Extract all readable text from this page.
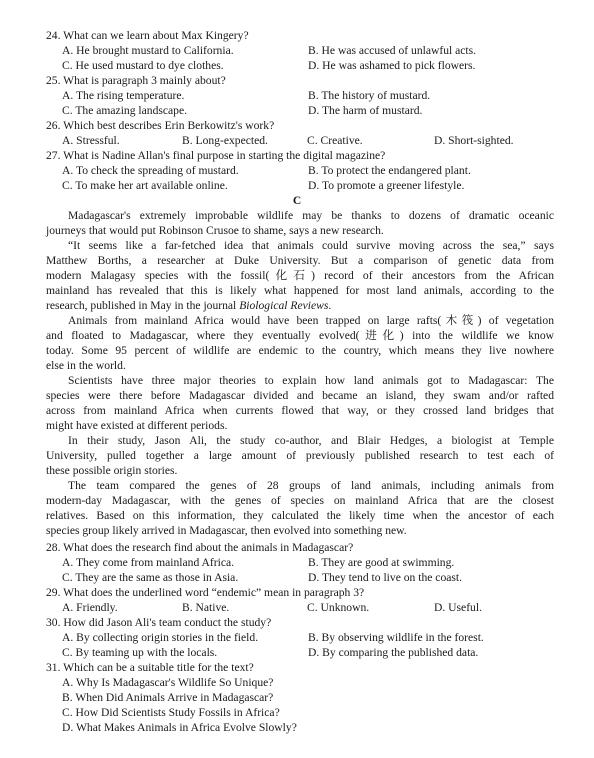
24. What can we learn about Max Kingery?
A. He brought mustard to California.	B. He was accused of unlawful acts.
C. He used mustard to dye clothes.	D. He was ashamed to pick flowers.
25. What is paragraph 3 mainly about?
A. The rising temperature.	B. The history of mustard.
C. The amazing landscape.	D. The harm of mustard.
26. Which best describes Erin Berkowitz's work?
A. Stressful.	B. Long-expected.	C. Creative.	D. Short-sighted.
27. What is Nadine Allan's final purpose in starting the digital magazine?
A. To check the spreading of mustard.	B. To protect the endangered plant.
C. To make her art available online.	D. To promote a greener lifestyle.
C
Madagascar's extremely improbable wildlife may be thanks to dozens of dramatic oceanic
journeys that would put Robinson Crusoe to shame, says a new research.
“It seems like a far-fetched idea that animals could survive moving across the sea,” says
Matthew Borths, a researcher at Duke University. But a comparison of genetic data from
modern Malagasy species with the fossil(化石) record of their ancestors from the African
mainland has revealed that this is likely what happened for most land animals, according to the
research, published in May in the journal Biological Reviews.
Animals from mainland Africa would have been trapped on large rafts(木筏) of vegetation
and floated to Madagascar, where they eventually evolved(进化) into the wildlife we know
today. Some 95 percent of wildlife are endemic to the country, which means they live nowhere
else in the world.
Scientists have three major theories to explain how land animals got to Madagascar: The
species were there before Madagascar divided and became an island, they swam and/or rafted
across from mainland Africa when currents flowed that way, or they crossed land bridges that
might have existed at different periods.
In their study, Jason Ali, the study co-author, and Blair Hedges, a biologist at Temple
University, pulled together a large amount of previously published research to test each of
these possible origin stories.
The team compared the genes of 28 groups of land animals, including animals from
modern-day Madagascar, with the genes of species on mainland Africa that are the closest
relatives. Based on this information, they calculated the likely time when the ancestor of each
species group likely arrived in Madagascar, then evolved into something new.
28. What does the research find about the animals in Madagascar?
A. They come from mainland Africa.	B. They are good at swimming.
C. They are the same as those in Asia.	D. They tend to live on the coast.
29. What does the underlined word “endemic” mean in paragraph 3?
A. Friendly.	B. Native.	C. Unknown.	D. Useful.
30. How did Jason Ali's team conduct the study?
A. By collecting origin stories in the field.	B. By observing wildlife in the forest.
C. By teaming up with the locals.	D. By comparing the published data.
31. Which can be a suitable title for the text?
A. Why Is Madagascar's Wildlife So Unique?
B. When Did Animals Arrive in Madagascar?
C. How Did Scientists Study Fossils in Africa?
D. What Makes Animals in Africa Evolve Slowly?
